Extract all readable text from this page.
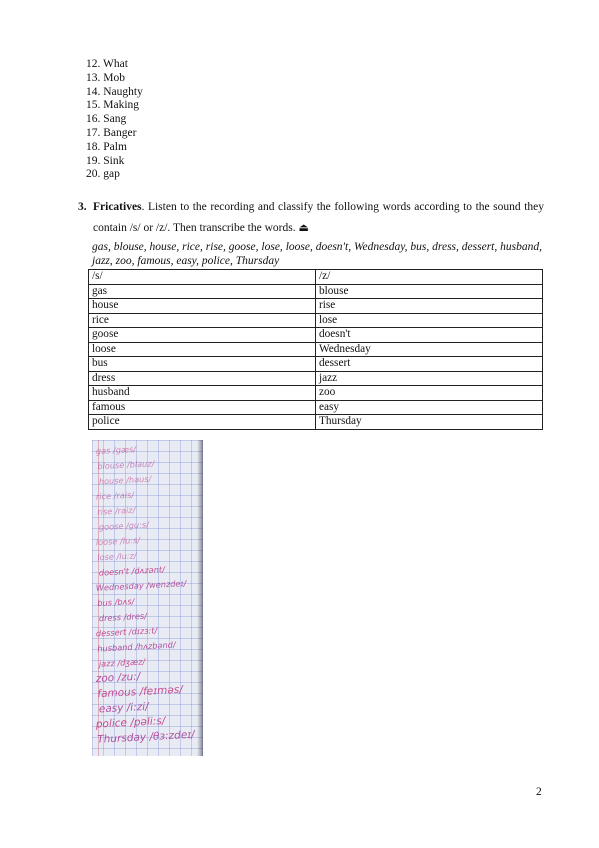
12. What
13. Mob
14. Naughty
15. Making
16. Sang
17. Banger
18. Palm
19. Sink
20. gap
3. Fricatives. Listen to the recording and classify the following words according to the sound they contain /s/ or /z/. Then transcribe the words. ⏏
gas, blouse, house, rice, rise, goose, lose, loose, doesn't, Wednesday, bus, dress, dessert, husband, jazz, zoo, famous, easy, police, Thursday
/s/	/z/
gas	blouse
house	rise
rice	lose
goose	doesn't
loose	Wednesday
bus	dessert
dress	jazz
husband	zoo
famous	easy
police	Thursday
gas /gæs/
blouse /blauz/
house /haus/
rice /rais/
rise /raiz/
goose /gu:s/
loose /lu:s/
lose /lu:z/
doesn't /dʌzənt/
Wednesday /wenzdeɪ/
bus /bʌs/
dress /dres/
dessert /dɪzɜ:t/
husband /hʌzbənd/
jazz /dʒæz/
zoo /zu:/
famous /feɪməs/
easy /i:zi/
police /pəli:s/
Thursday /θɜ:zdeɪ/
2
